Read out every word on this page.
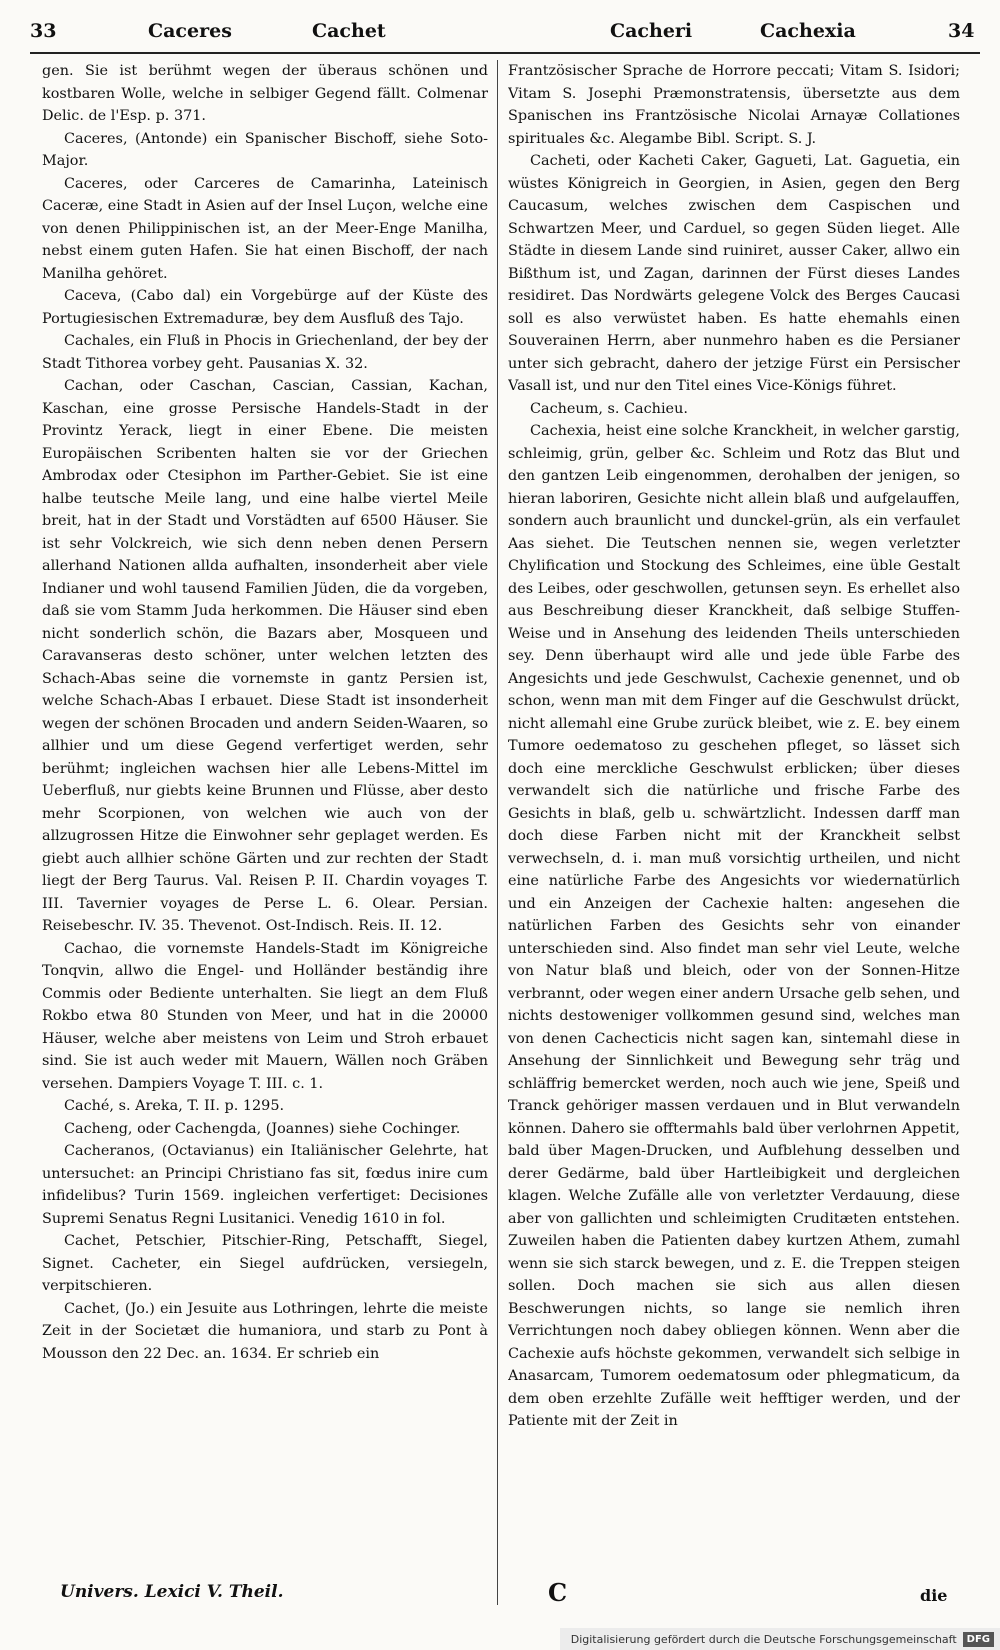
33	Caceres	Cachet	Cacheri	Cachexia	34

gen. Sie ist berühmt wegen der überaus schönen und kostbaren Wolle, welche in selbiger Gegend fällt. Colmenar Delic. de l'Esp. p. 371.

Caceres, (Antonde) ein Spanischer Bischoff, siehe Soto-Major.

Caceres, oder Carceres de Camarinha, Lateinisch Caceræ, eine Stadt in Asien auf der Insel Luçon, welche eine von denen Philippinischen ist, an der Meer-Enge Manilha, nebst einem guten Hafen. Sie hat einen Bischoff, der nach Manilha gehöret.

Caceva, (Cabo dal) ein Vorgebürge auf der Küste des Portugiesischen Extremaduræ, bey dem Ausfluß des Tajo.

Cachales, ein Fluß in Phocis in Griechenland, der bey der Stadt Tithorea vorbey geht. Pausanias X. 32.

Cachan, oder Caschan, Cascian, Cassian, Kachan, Kaschan, eine grosse Persische Handels-Stadt in der Provintz Yerack, liegt in einer Ebene. Die meisten Europäischen Scribenten halten sie vor der Griechen Ambrodax oder Ctesiphon im Parther-Gebiet. Sie ist eine halbe teutsche Meile lang, und eine halbe viertel Meile breit, hat in der Stadt und Vorstädten auf 6500 Häuser. Sie ist sehr Volckreich, wie sich denn neben denen Persern allerhand Nationen allda aufhalten, insonderheit aber viele Indianer und wohl tausend Familien Jüden, die da vorgeben, daß sie vom Stamm Juda herkommen. Die Häuser sind eben nicht sonderlich schön, die Bazars aber, Mosqueen und Caravanseras desto schöner, unter welchen letzten des Schach-Abas seine die vornemste in gantz Persien ist, welche Schach-Abas I erbauet. Diese Stadt ist insonderheit wegen der schönen Brocaden und andern Seiden-Waaren, so allhier und um diese Gegend verfertiget werden, sehr berühmt; ingleichen wachsen hier alle Lebens-Mittel im Ueberfluß, nur giebts keine Brunnen und Flüsse, aber desto mehr Scorpionen, von welchen wie auch von der allzugrossen Hitze die Einwohner sehr geplaget werden. Es giebt auch allhier schöne Gärten und zur rechten der Stadt liegt der Berg Taurus. Val. Reisen P. II. Chardin voyages T. III. Tavernier voyages de Perse L. 6. Olear. Persian. Reisebeschr. IV. 35. Thevenot. Ost-Indisch. Reis. II. 12.

Cachao, die vornemste Handels-Stadt im Königreiche Tonqvin, allwo die Engel- und Holländer beständig ihre Commis oder Bediente unterhalten. Sie liegt an dem Fluß Rokbo etwa 80 Stunden von Meer, und hat in die 20000 Häuser, welche aber meistens von Leim und Stroh erbauet sind. Sie ist auch weder mit Mauern, Wällen noch Gräben versehen. Dampiers Voyage T. III. c. 1.

Caché, s. Areka, T. II. p. 1295.

Cacheng, oder Cachengda, (Joannes) siehe Cochinger.

Cacheranos, (Octavianus) ein Italiänischer Gelehrte, hat untersuchet: an Principi Christiano fas sit, fœdus inire cum infidelibus? Turin 1569. ingleichen verfertiget: Decisiones Supremi Senatus Regni Lusitanici. Venedig 1610 in fol.

Cachet, Petschier, Pitschier-Ring, Petschafft, Siegel, Signet. Cacheter, ein Siegel aufdrücken, versiegeln, verpitschieren.

Cachet, (Jo.) ein Jesuite aus Lothringen, lehrte die meiste Zeit in der Societæt die humaniora, und starb zu Pont à Mousson den 22 Dec. an. 1634. Er schrieb ein

Frantzösischer Sprache de Horrore peccati; Vitam S. Isidori; Vitam S. Josephi Præmonstratensis, übersetzte aus dem Spanischen ins Frantzösische Nicolai Arnayæ Collationes spirituales &c. Alegambe Bibl. Script. S. J.

Cacheti, oder Kacheti Caker, Gagueti, Lat. Gaguetia, ein wüstes Königreich in Georgien, in Asien, gegen den Berg Caucasum, welches zwischen dem Caspischen und Schwartzen Meer, und Carduel, so gegen Süden lieget. Alle Städte in diesem Lande sind ruiniret, ausser Caker, allwo ein Bißthum ist, und Zagan, darinnen der Fürst dieses Landes residiret. Das Nordwärts gelegene Volck des Berges Caucasi soll es also verwüstet haben. Es hatte ehemahls einen Souverainen Herrn, aber nunmehro haben es die Persianer unter sich gebracht, dahero der jetzige Fürst ein Persischer Vasall ist, und nur den Titel eines Vice-Königs führet.

Cacheum, s. Cachieu.

Cachexia, heist eine solche Kranckheit, in welcher garstig, schleimig, grün, gelber &c. Schleim und Rotz das Blut und den gantzen Leib eingenommen, derohalben der jenigen, so hieran laboriren, Gesichte nicht allein blaß und aufgelauffen, sondern auch braunlicht und dunckel-grün, als ein verfaulet Aas siehet. Die Teutschen nennen sie, wegen verletzter Chylification und Stockung des Schleimes, eine üble Gestalt des Leibes, oder geschwollen, getunsen seyn. Es erhellet also aus Beschreibung dieser Kranckheit, daß selbige Stuffen-Weise und in Ansehung des leidenden Theils unterschieden sey. Denn überhaupt wird alle und jede üble Farbe des Angesichts und jede Geschwulst, Cachexie genennet, und ob schon, wenn man mit dem Finger auf die Geschwulst drückt, nicht allemahl eine Grube zurück bleibet, wie z. E. bey einem Tumore oedematoso zu geschehen pfleget, so lässet sich doch eine merckliche Geschwulst erblicken; über dieses verwandelt sich die natürliche und frische Farbe des Gesichts in blaß, gelb u. schwärtzlicht. Indessen darff man doch diese Farben nicht mit der Kranckheit selbst verwechseln, d. i. man muß vorsichtig urtheilen, und nicht eine natürliche Farbe des Angesichts vor wiedernatürlich und ein Anzeigen der Cachexie halten: angesehen die natürlichen Farben des Gesichts sehr von einander unterschieden sind. Also findet man sehr viel Leute, welche von Natur blaß und bleich, oder von der Sonnen-Hitze verbrannt, oder wegen einer andern Ursache gelb sehen, und nichts destoweniger vollkommen gesund sind, welches man von denen Cachecticis nicht sagen kan, sintemahl diese in Ansehung der Sinnlichkeit und Bewegung sehr träg und schläffrig bemercket werden, noch auch wie jene, Speiß und Tranck gehöriger massen verdauen und in Blut verwandeln können. Dahero sie offtermahls bald über verlohrnen Appetit, bald über Magen-Drucken, und Aufblehung desselben und derer Gedärme, bald über Hartleibigkeit und dergleichen klagen. Welche Zufälle alle von verletzter Verdauung, diese aber von gallichten und schleimigten Cruditæten entstehen. Zuweilen haben die Patienten dabey kurtzen Athem, zumahl wenn sie sich starck bewegen, und z. E. die Treppen steigen sollen. Doch machen sie sich aus allen diesen Beschwerungen nichts, so lange sie nemlich ihren Verrichtungen noch dabey obliegen können. Wenn aber die Cachexie aufs höchste gekommen, verwandelt sich selbige in Anasarcam, Tumorem oedematosum oder phlegmaticum, da dem oben erzehlte Zufälle weit hefftiger werden, und der Patiente mit der Zeit in

Univers. Lexici V. Theil.	C	die
Digitalisierung gefördert durch die Deutsche Forschungsgemeinschaft	DFG
